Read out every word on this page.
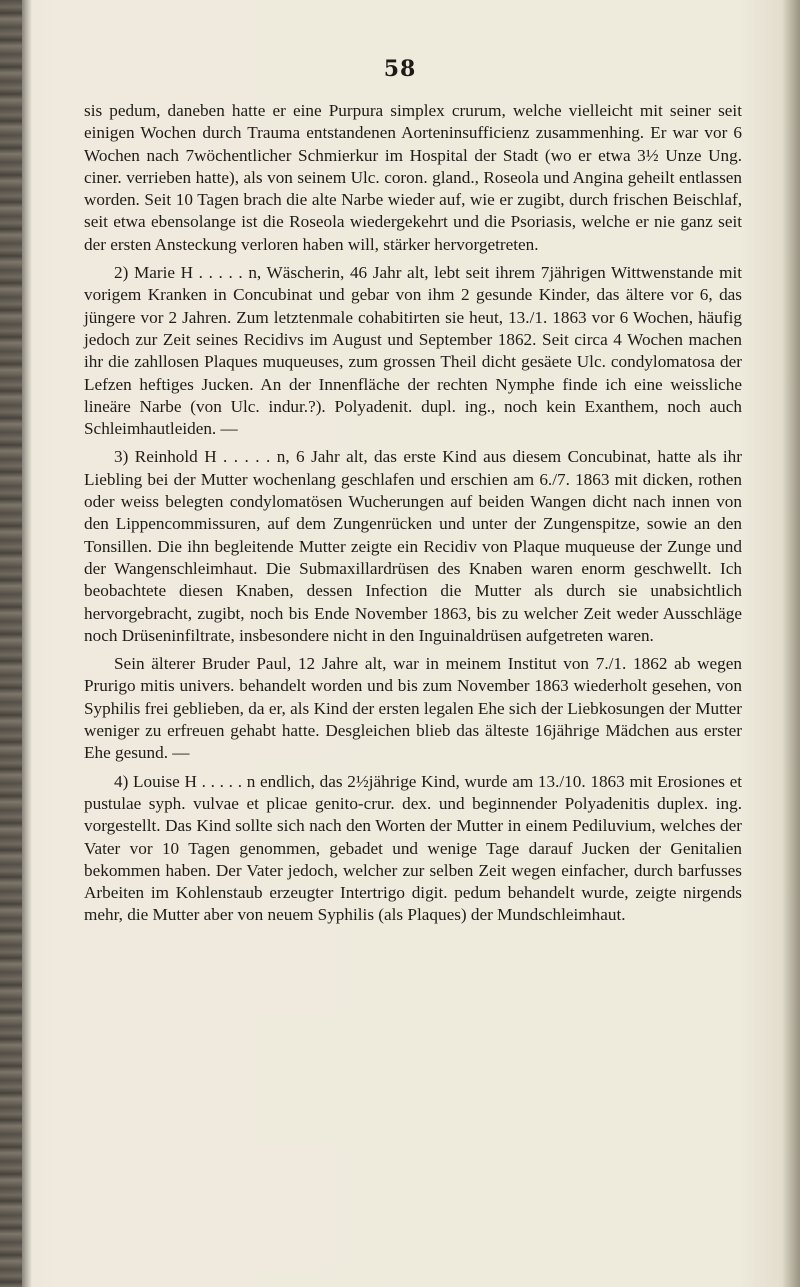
58

sis pedum, daneben hatte er eine Purpura simplex crurum, welche vielleicht mit seiner seit einigen Wochen durch Trauma entstandenen Aorteninsufficienz zusammenhing. Er war vor 6 Wochen nach 7wöchentlicher Schmierkur im Hospital der Stadt (wo er etwa 3½ Unze Ung. ciner. verrieben hatte), als von seinem Ulc. coron. gland., Roseola und Angina geheilt entlassen worden. Seit 10 Tagen brach die alte Narbe wieder auf, wie er zugibt, durch frischen Beischlaf, seit etwa ebensolange ist die Roseola wiedergekehrt und die Psoriasis, welche er nie ganz seit der ersten Ansteckung verloren haben will, stärker hervorgetreten.

2) Marie H . . . . . n, Wäscherin, 46 Jahr alt, lebt seit ihrem 7jährigen Wittwenstande mit vorigem Kranken in Concubinat und gebar von ihm 2 gesunde Kinder, das ältere vor 6, das jüngere vor 2 Jahren. Zum letztenmale cohabitirten sie heut, 13./1. 1863 vor 6 Wochen, häufig jedoch zur Zeit seines Recidivs im August und September 1862. Seit circa 4 Wochen machen ihr die zahllosen Plaques muqueuses, zum grossen Theil dicht gesäete Ulc. condylomatosa der Lefzen heftiges Jucken. An der Innenfläche der rechten Nymphe finde ich eine weissliche lineäre Narbe (von Ulc. indur.?). Polyadenit. dupl. ing., noch kein Exanthem, noch auch Schleimhautleiden. —

3) Reinhold H . . . . . n, 6 Jahr alt, das erste Kind aus diesem Concubinat, hatte als ihr Liebling bei der Mutter wochenlang geschlafen und erschien am 6./7. 1863 mit dicken, rothen oder weiss belegten condylomatösen Wucherungen auf beiden Wangen dicht nach innen von den Lippencommissuren, auf dem Zungenrücken und unter der Zungenspitze, sowie an den Tonsillen. Die ihn begleitende Mutter zeigte ein Recidiv von Plaque muqueuse der Zunge und der Wangenschleimhaut. Die Submaxillardrüsen des Knaben waren enorm geschwellt. Ich beobachtete diesen Knaben, dessen Infection die Mutter als durch sie unabsichtlich hervorgebracht, zugibt, noch bis Ende November 1863, bis zu welcher Zeit weder Ausschläge noch Drüseninfiltrate, insbesondere nicht in den Inguinaldrüsen aufgetreten waren.

Sein älterer Bruder Paul, 12 Jahre alt, war in meinem Institut von 7./1. 1862 ab wegen Prurigo mitis univers. behandelt worden und bis zum November 1863 wiederholt gesehen, von Syphilis frei geblieben, da er, als Kind der ersten legalen Ehe sich der Liebkosungen der Mutter weniger zu erfreuen gehabt hatte. Desgleichen blieb das älteste 16jährige Mädchen aus erster Ehe gesund. —

4) Louise H . . . . . n endlich, das 2½jährige Kind, wurde am 13./10. 1863 mit Erosiones et pustulae syph. vulvae et plicae genito-crur. dex. und beginnender Polyadenitis duplex. ing. vorgestellt. Das Kind sollte sich nach den Worten der Mutter in einem Pediluvium, welches der Vater vor 10 Tagen genommen, gebadet und wenige Tage darauf Jucken der Genitalien bekommen haben. Der Vater jedoch, welcher zur selben Zeit wegen einfacher, durch barfusses Arbeiten im Kohlenstaub erzeugter Intertrigo digit. pedum behandelt wurde, zeigte nirgends mehr, die Mutter aber von neuem Syphilis (als Plaques) der Mundschleimhaut.
